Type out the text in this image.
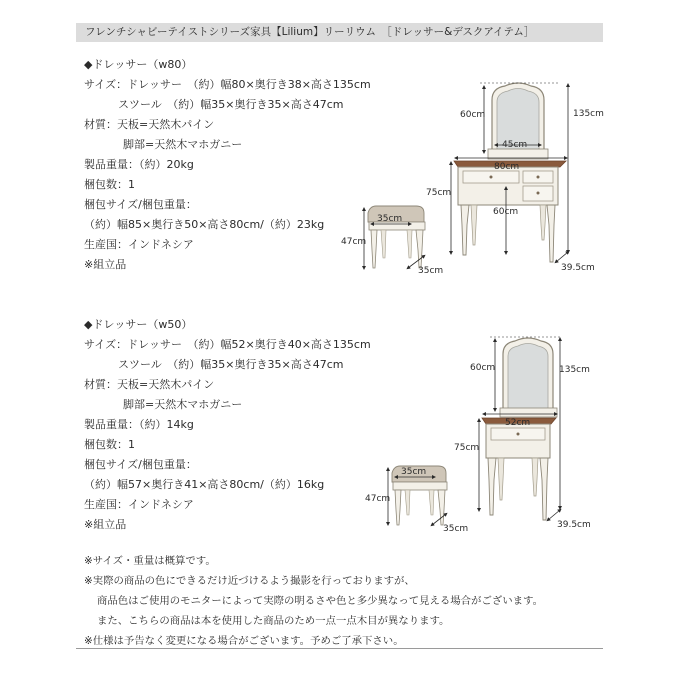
フレンチシャビーテイストシリーズ家具【Lilium】リーリウム　［ドレッサー&デスクアイテム］
◆ドレッサー（w80）
サイズ：ドレッサー　（約）幅80×奥行き38×高さ135cm
スツール　（約）幅35×奥行き35×高さ47cm
材質：天板=天然木パイン
脚部=天然木マホガニー
製品重量：（約）20kg
梱包数：1
梱包サイズ/梱包重量：
（約）幅85×奥行き50×高さ80cm/（約）23kg
生産国：インドネシア
※組立品
◆ドレッサー（w50）
サイズ：ドレッサー　（約）幅52×奥行き40×高さ135cm
スツール　（約）幅35×奥行き35×高さ47cm
材質：天板=天然木パイン
脚部=天然木マホガニー
製品重量：（約）14kg
梱包数：1
梱包サイズ/梱包重量：
（約）幅57×奥行き41×高さ80cm/（約）16kg
生産国：インドネシア
※組立品
60cm
45cm
135cm
80cm
75cm
60cm
39.5cm
35cm
47cm
35cm
60cm	135cm
52cm
75cm
39.5cm
35cm
47cm
35cm
※サイズ・重量は概算です。
※実際の商品の色にできるだけ近づけるよう撮影を行っておりますが、
商品色はご使用のモニターによって実際の明るさや色と多少異なって見える場合がございます。
また、こちらの商品は本を使用した商品のため一点一点木目が異なります。
※仕様は予告なく変更になる場合がございます。予めご了承下さい。
